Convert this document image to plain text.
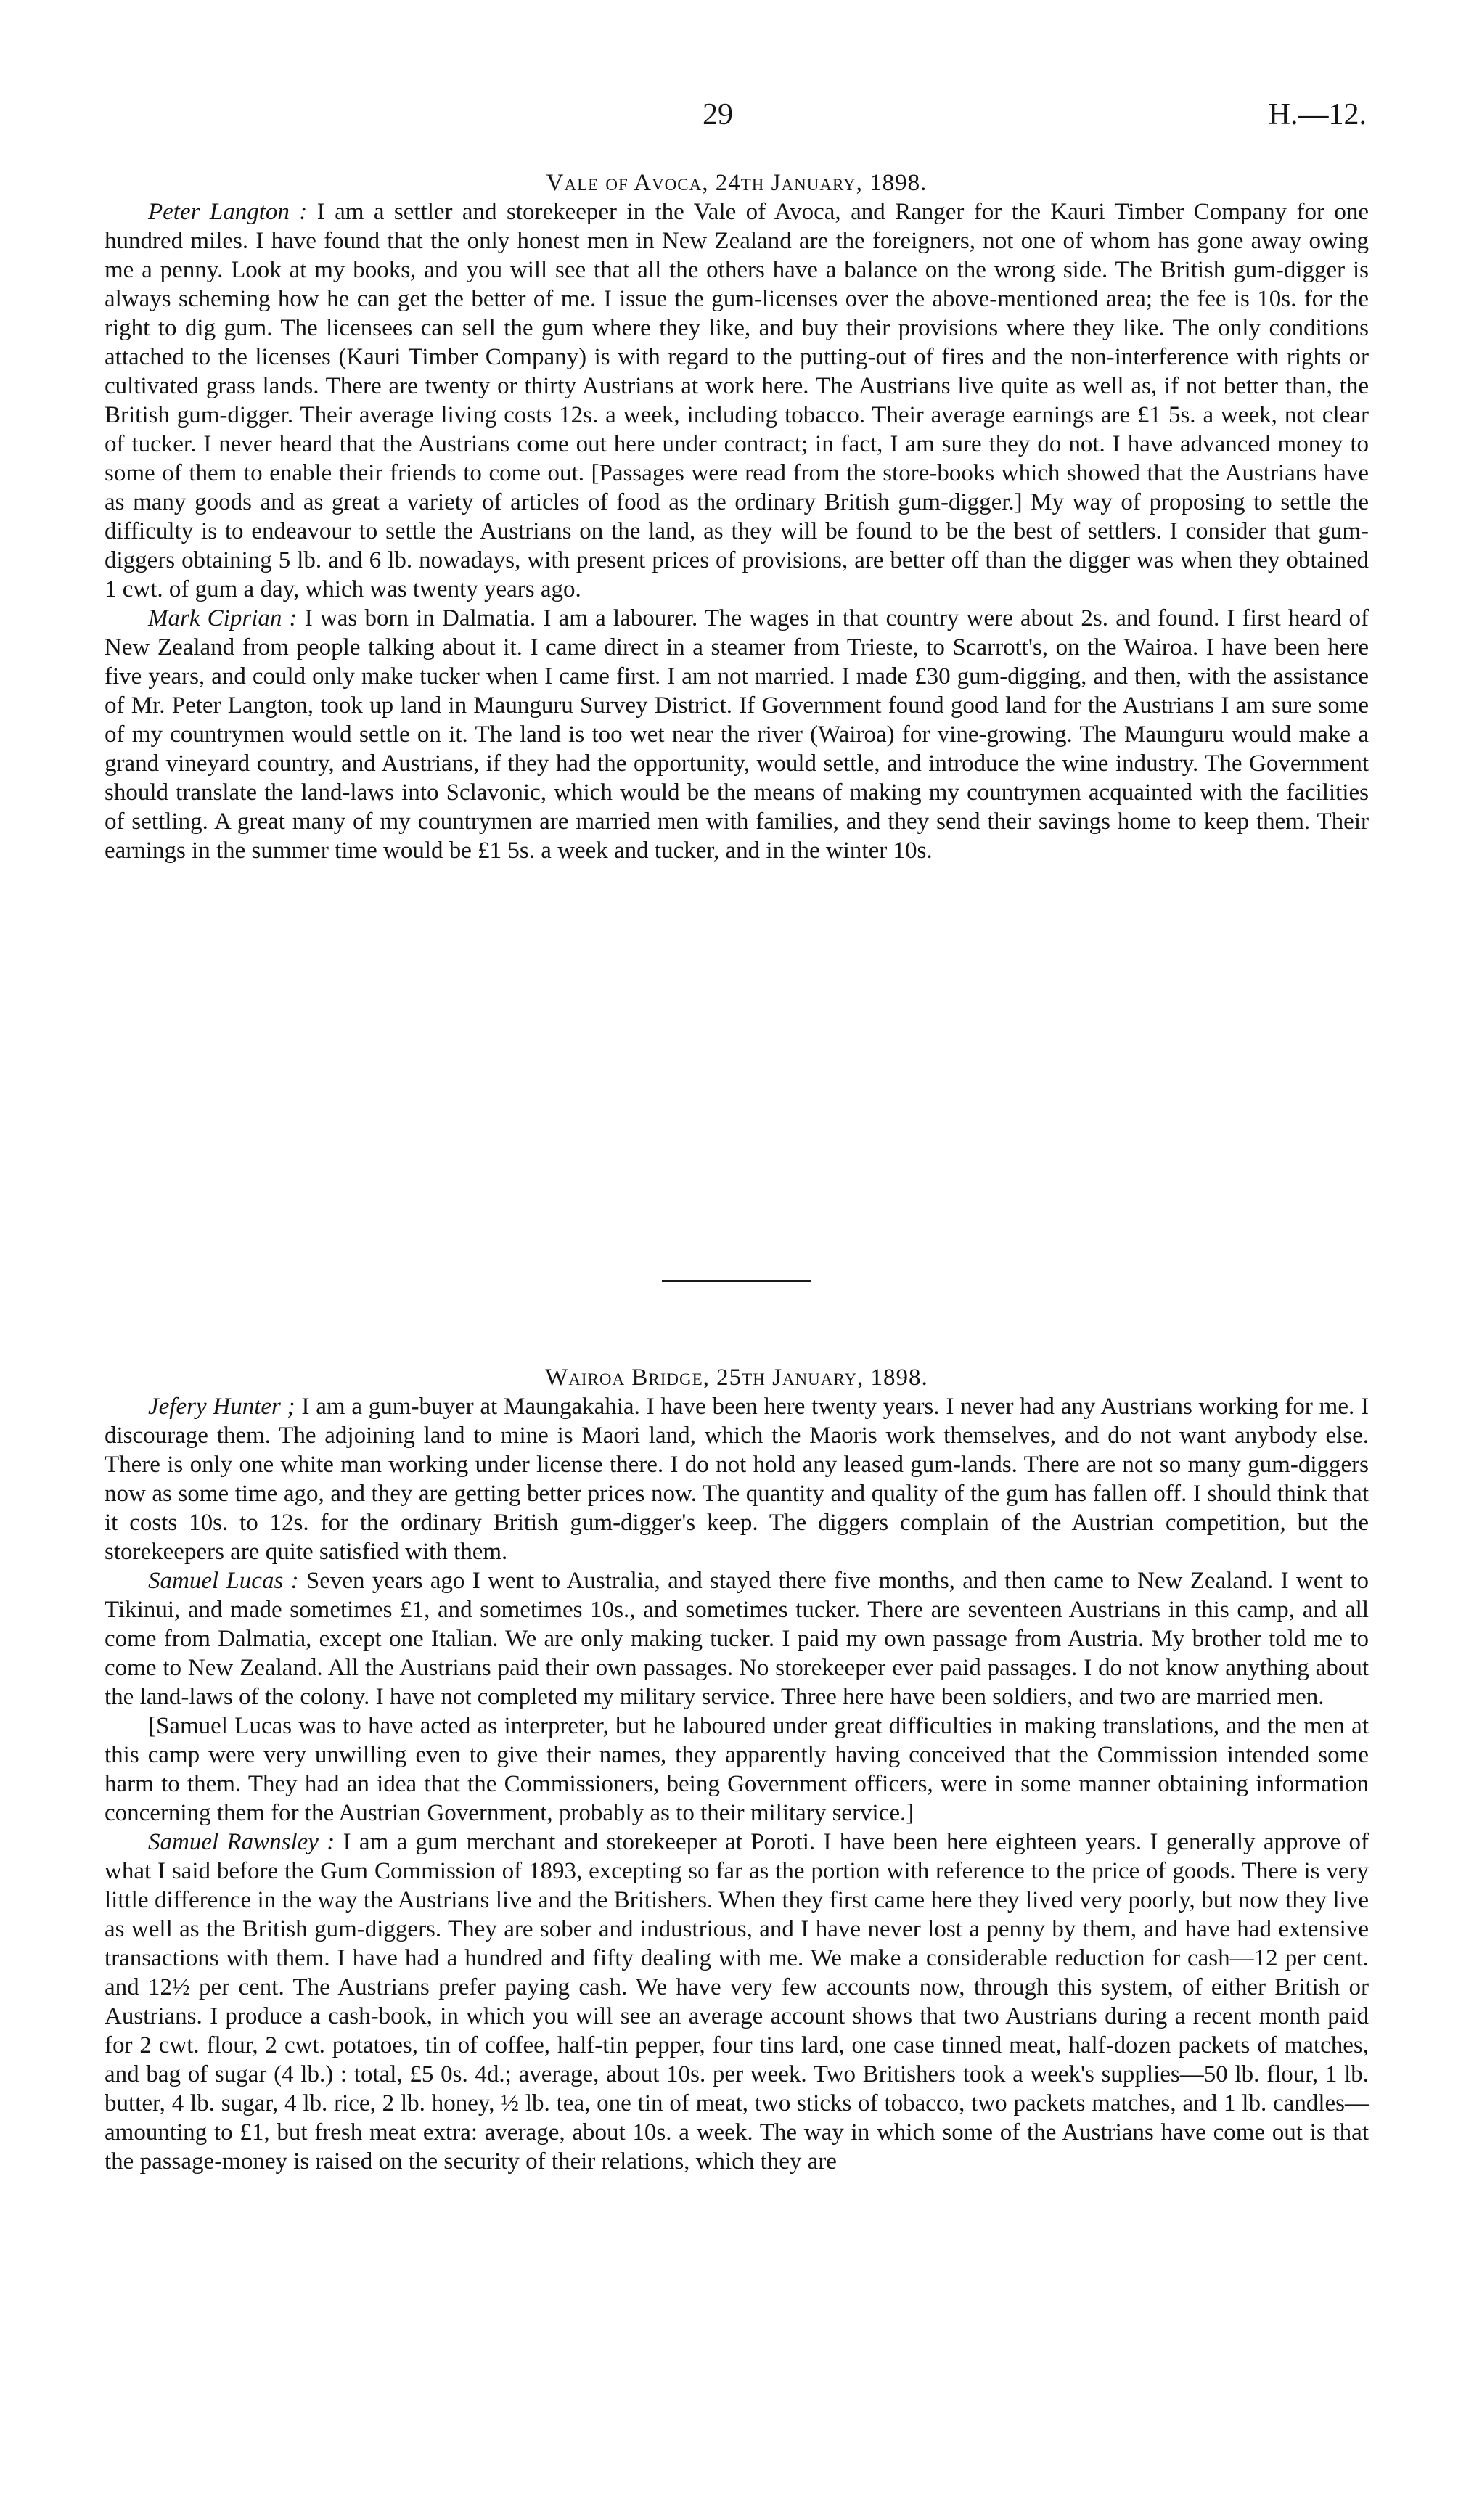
29	H.—12.
Vale of Avoca, 24th January, 1898.

Peter Langton : I am a settler and storekeeper in the Vale of Avoca, and Ranger for the Kauri Timber Company for one hundred miles. I have found that the only honest men in New Zealand are the foreigners, not one of whom has gone away owing me a penny. Look at my books, and you will see that all the others have a balance on the wrong side. The British gum-digger is always scheming how he can get the better of me. I issue the gum-licenses over the above-mentioned area; the fee is 10s. for the right to dig gum. The licensees can sell the gum where they like, and buy their provisions where they like. The only conditions attached to the licenses (Kauri Timber Company) is with regard to the putting-out of fires and the non-interference with rights or cultivated grass lands. There are twenty or thirty Austrians at work here. The Austrians live quite as well as, if not better than, the British gum-digger. Their average living costs 12s. a week, including tobacco. Their average earnings are £1 5s. a week, not clear of tucker. I never heard that the Austrians come out here under contract; in fact, I am sure they do not. I have advanced money to some of them to enable their friends to come out. [Passages were read from the store-books which showed that the Austrians have as many goods and as great a variety of articles of food as the ordinary British gum-digger.] My way of proposing to settle the difficulty is to endeavour to settle the Austrians on the land, as they will be found to be the best of settlers. I consider that gum-diggers obtaining 5 lb. and 6 lb. nowadays, with present prices of provisions, are better off than the digger was when they obtained 1 cwt. of gum a day, which was twenty years ago.

Mark Ciprian : I was born in Dalmatia. I am a labourer. The wages in that country were about 2s. and found. I first heard of New Zealand from people talking about it. I came direct in a steamer from Trieste, to Scarrott's, on the Wairoa. I have been here five years, and could only make tucker when I came first. I am not married. I made £30 gum-digging, and then, with the assistance of Mr. Peter Langton, took up land in Maunguru Survey District. If Government found good land for the Austrians I am sure some of my countrymen would settle on it. The land is too wet near the river (Wairoa) for vine-growing. The Maunguru would make a grand vineyard country, and Austrians, if they had the opportunity, would settle, and introduce the wine industry. The Government should translate the land-laws into Sclavonic, which would be the means of making my countrymen acquainted with the facilities of settling. A great many of my countrymen are married men with families, and they send their savings home to keep them. Their earnings in the summer time would be £1 5s. a week and tucker, and in the winter 10s.

Wairoa Bridge, 25th January, 1898.

Jefery Hunter ; I am a gum-buyer at Maungakahia. I have been here twenty years. I never had any Austrians working for me. I discourage them. The adjoining land to mine is Maori land, which the Maoris work themselves, and do not want anybody else. There is only one white man working under license there. I do not hold any leased gum-lands. There are not so many gum-diggers now as some time ago, and they are getting better prices now. The quantity and quality of the gum has fallen off. I should think that it costs 10s. to 12s. for the ordinary British gum-digger's keep. The diggers complain of the Austrian competition, but the storekeepers are quite satisfied with them.

Samuel Lucas : Seven years ago I went to Australia, and stayed there five months, and then came to New Zealand. I went to Tikinui, and made sometimes £1, and sometimes 10s., and sometimes tucker. There are seventeen Austrians in this camp, and all come from Dalmatia, except one Italian. We are only making tucker. I paid my own passage from Austria. My brother told me to come to New Zealand. All the Austrians paid their own passages. No storekeeper ever paid passages. I do not know anything about the land-laws of the colony. I have not completed my military service. Three here have been soldiers, and two are married men.

[Samuel Lucas was to have acted as interpreter, but he laboured under great difficulties in making translations, and the men at this camp were very unwilling even to give their names, they apparently having conceived that the Commission intended some harm to them. They had an idea that the Commissioners, being Government officers, were in some manner obtaining information concerning them for the Austrian Government, probably as to their military service.]

Samuel Rawnsley : I am a gum merchant and storekeeper at Poroti. I have been here eighteen years. I generally approve of what I said before the Gum Commission of 1893, excepting so far as the portion with reference to the price of goods. There is very little difference in the way the Austrians live and the Britishers. When they first came here they lived very poorly, but now they live as well as the British gum-diggers. They are sober and industrious, and I have never lost a penny by them, and have had extensive transactions with them. I have had a hundred and fifty dealing with me. We make a considerable reduction for cash—12 per cent. and 12½ per cent. The Austrians prefer paying cash. We have very few accounts now, through this system, of either British or Austrians. I produce a cash-book, in which you will see an average account shows that two Austrians during a recent month paid for 2 cwt. flour, 2 cwt. potatoes, tin of coffee, half-tin pepper, four tins lard, one case tinned meat, half-dozen packets of matches, and bag of sugar (4 lb.) : total, £5 0s. 4d.; average, about 10s. per week. Two Britishers took a week's supplies—50 lb. flour, 1 lb. butter, 4 lb. sugar, 4 lb. rice, 2 lb. honey, ½ lb. tea, one tin of meat, two sticks of tobacco, two packets matches, and 1 lb. candles—amounting to £1, but fresh meat extra: average, about 10s. a week. The way in which some of the Austrians have come out is that the passage-money is raised on the security of their relations, which they are
